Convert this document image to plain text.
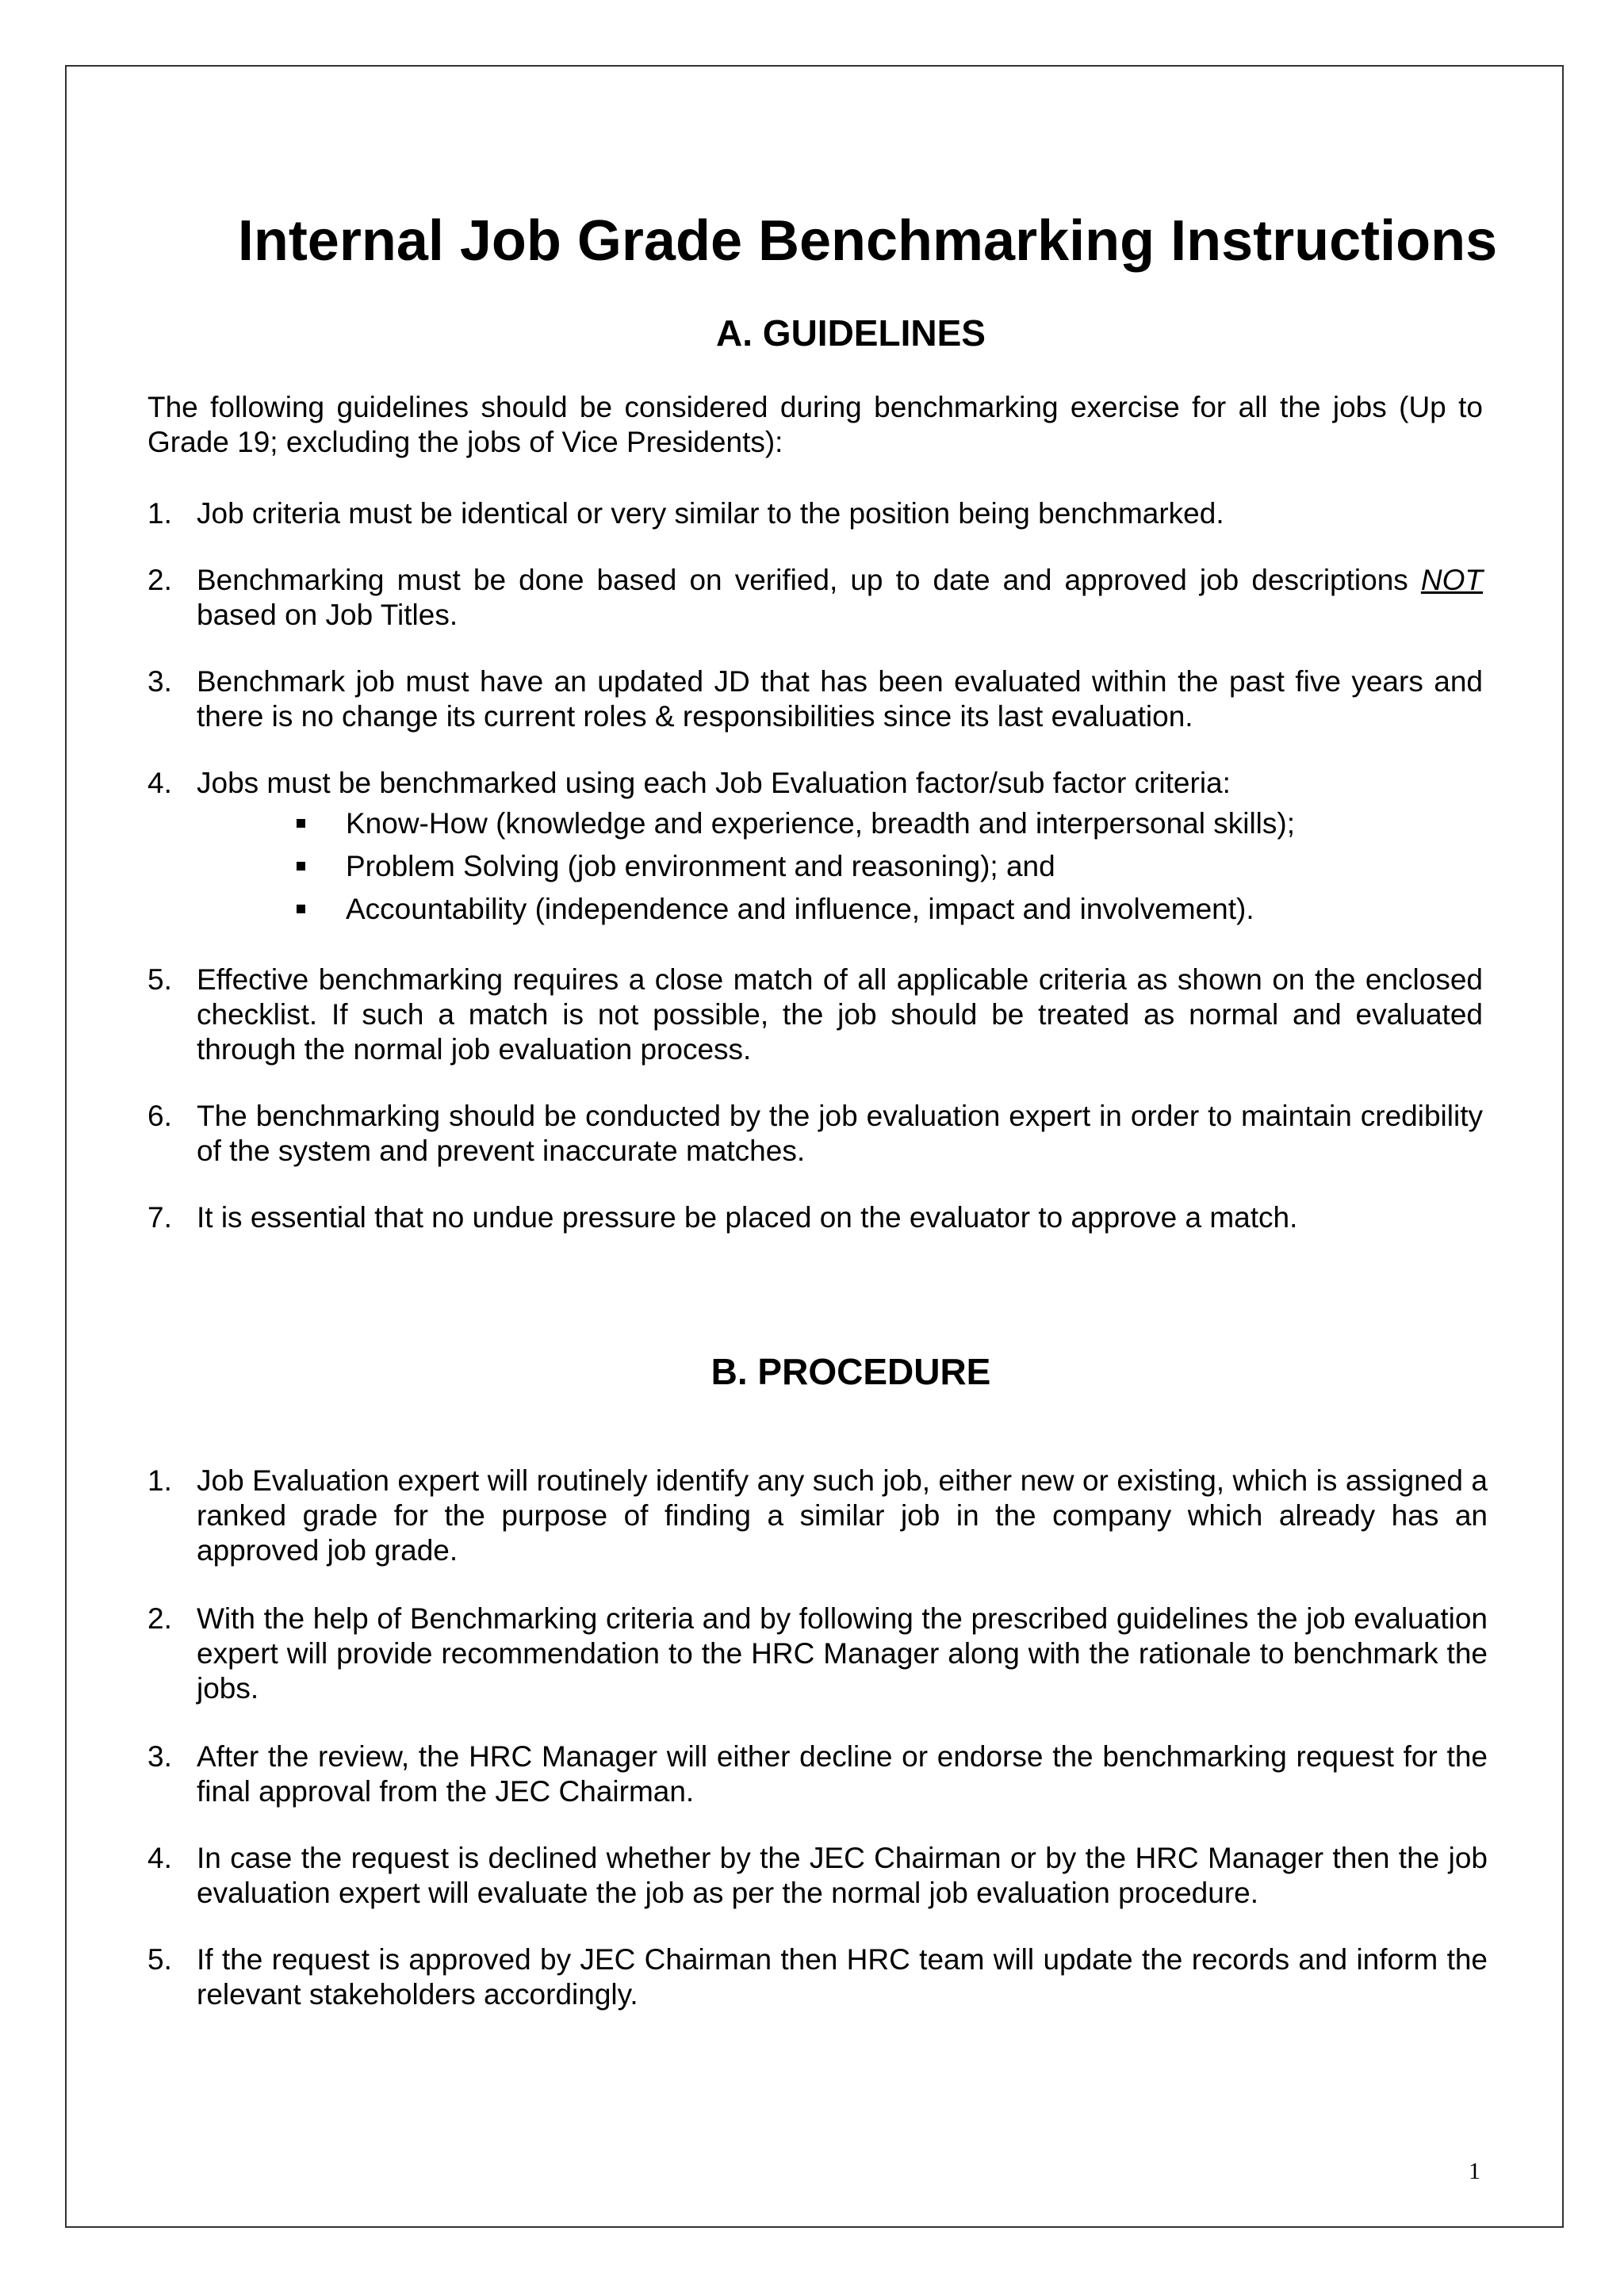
Internal Job Grade Benchmarking Instructions
A. GUIDELINES

The following guidelines should be considered during benchmarking exercise for all the jobs (Up to Grade 19; excluding the jobs of Vice Presidents):

1. Job criteria must be identical or very similar to the position being benchmarked.
2. Benchmarking must be done based on verified, up to date and approved job descriptions NOT based on Job Titles.
3. Benchmark job must have an updated JD that has been evaluated within the past five years and there is no change its current roles & responsibilities since its last evaluation.
4. Jobs must be benchmarked using each Job Evaluation factor/sub factor criteria:
Know-How (knowledge and experience, breadth and interpersonal skills);
Problem Solving (job environment and reasoning); and
Accountability (independence and influence, impact and involvement).
5. Effective benchmarking requires a close match of all applicable criteria as shown on the enclosed checklist. If such a match is not possible, the job should be treated as normal and evaluated through the normal job evaluation process.
6. The benchmarking should be conducted by the job evaluation expert in order to maintain credibility of the system and prevent inaccurate matches.
7. It is essential that no undue pressure be placed on the evaluator to approve a match.
B. PROCEDURE
1. Job Evaluation expert will routinely identify any such job, either new or existing, which is assigned a ranked grade for the purpose of finding a similar job in the company which already has an approved job grade.
2. With the help of Benchmarking criteria and by following the prescribed guidelines the job evaluation expert will provide recommendation to the HRC Manager along with the rationale to benchmark the jobs.
3. After the review, the HRC Manager will either decline or endorse the benchmarking request for the final approval from the JEC Chairman.
4. In case the request is declined whether by the JEC Chairman or by the HRC Manager then the job evaluation expert will evaluate the job as per the normal job evaluation procedure.
5. If the request is approved by JEC Chairman then HRC team will update the records and inform the relevant stakeholders accordingly.
1
